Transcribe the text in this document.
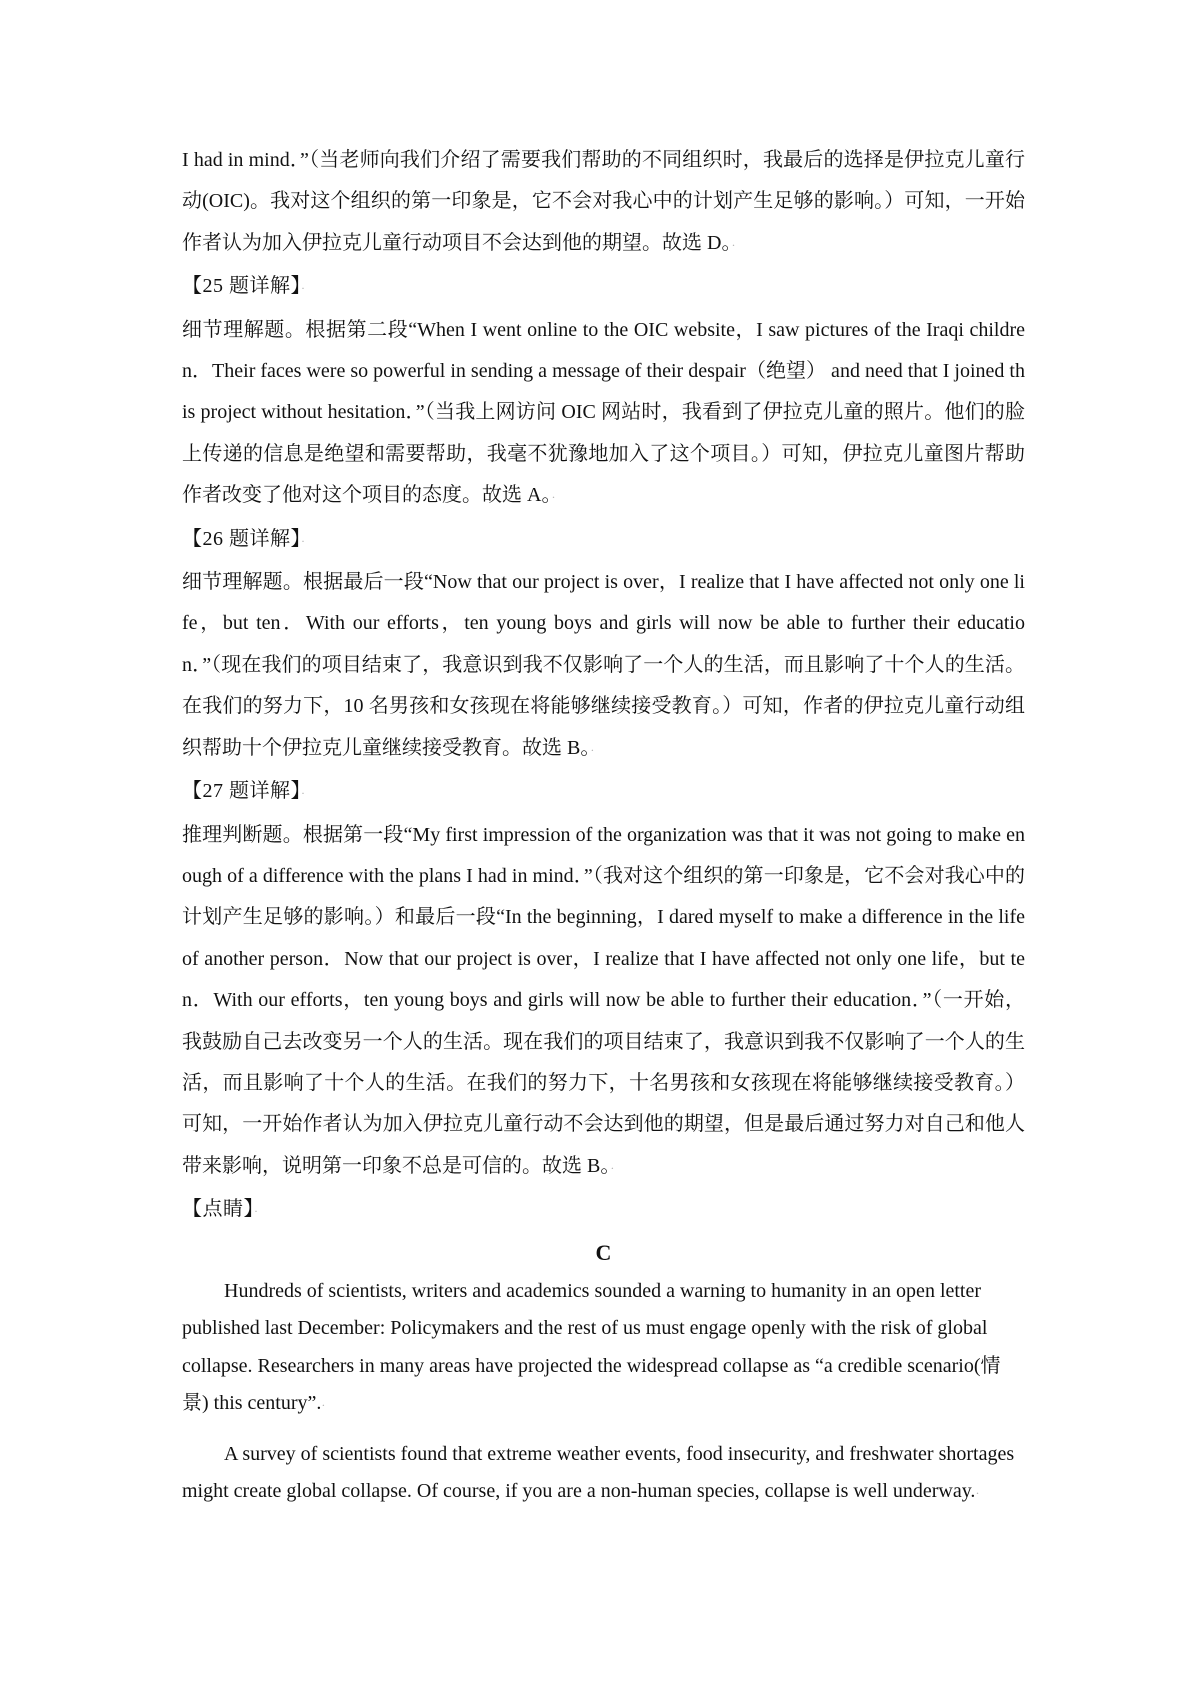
I had in mind．”（当老师向我们介绍了需要我们帮助的不同组织时，我最后的选择是伊拉克儿童行动(OIC)。我对这个组织的第一印象是，它不会对我心中的计划产生足够的影响。）可知，一开始作者认为加入伊拉克儿童行动项目不会达到他的期望。故选 D。·

【25 题详解】·

细节理解题。根据第二段“When I went online to the OIC website，I saw pictures of the Iraqi children．Their faces were so powerful in sending a message of their despair（绝望） and need that I joined this project without hesitation．”（当我上网访问 OIC 网站时，我看到了伊拉克儿童的照片。他们的脸上传递的信息是绝望和需要帮助，我毫不犹豫地加入了这个项目。）可知，伊拉克儿童图片帮助作者改变了他对这个项目的态度。故选 A。·

【26 题详解】·

细节理解题。根据最后一段“Now that our project is over，I realize that I have affected not only one life，but ten．With our efforts，ten young boys and girls will now be able to further their education．”（现在我们的项目结束了，我意识到我不仅影响了一个人的生活，而且影响了十个人的生活。在我们的努力下，10 名男孩和女孩现在将能够继续接受教育。）可知，作者的伊拉克儿童行动组织帮助十个伊拉克儿童继续接受教育。故选 B。·

【27 题详解】·

推理判断题。根据第一段“My first impression of the organization was that it was not going to make enough of a difference with the plans I had in mind．”（我对这个组织的第一印象是，它不会对我心中的计划产生足够的影响。）和最后一段“In the beginning，I dared myself to make a difference in the life                    of another person．Now that our project is over，I realize that I have affected not only one life，but ten．With our efforts，ten young boys and girls will now be able to further their education．”（一开始，我鼓励自己去改变另一个人的生活。现在我们的项目结束了，我意识到我不仅影响了一个人的生活，而且影响了十个人的生活。在我们的努力下，十名男孩和女孩现在将能够继续接受教育。）可知，一开始作者认为加入伊拉克儿童行动不会达到他的期望，但是最后通过努力对自己和他人带来影响，说明第一印象不总是可信的。故选 B。·

【点睛】·

C

Hundreds of scientists, writers and academics sounded a warning to humanity in an open letter published last December: Policymakers and the rest of us must engage openly with the risk of global collapse. Researchers in many areas have projected the widespread collapse as “a credible scenario(情景) this century”.·

A survey of scientists found that extreme weather events, food insecurity, and freshwater shortages might create global collapse. Of course, if you are a non-human species, collapse is well underway.·
